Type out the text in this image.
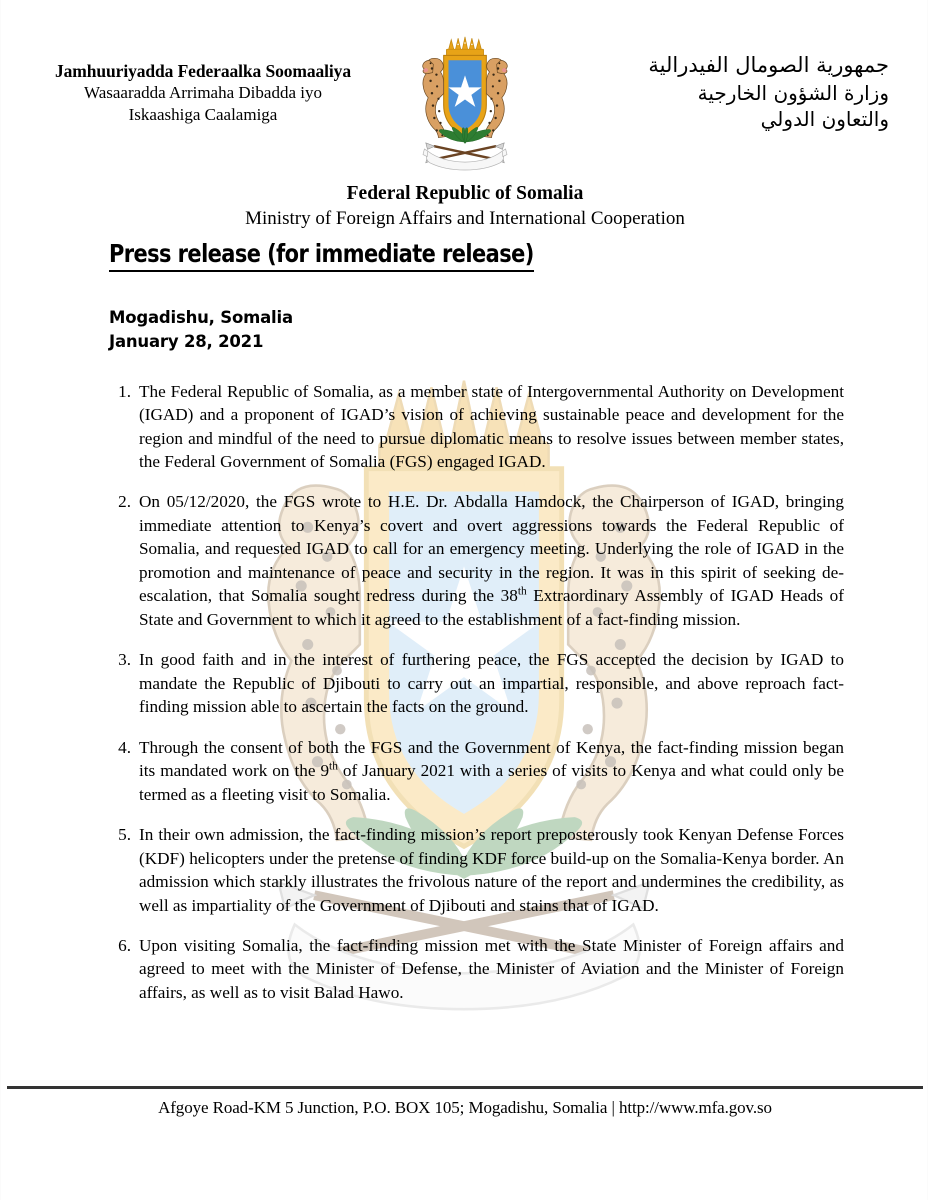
Jamhuuriyadda Federaalka Soomaaliya
Wasaaradda Arrimaha Dibadda iyo
Iskaashiga Caalamiga
جمهورية الصومال الفيدرالية
وزارة الشؤون الخارجية
والتعاون الدولي
Federal Republic of Somalia
Ministry of Foreign Affairs and International Cooperation
Press release (for immediate release)
Mogadishu, Somalia
January 28, 2021
1. The Federal Republic of Somalia, as a member state of Intergovernmental Authority on Development (IGAD) and a proponent of IGAD’s vision of achieving sustainable peace and development for the region and mindful of the need to pursue diplomatic means to resolve issues between member states, the Federal Government of Somalia (FGS) engaged IGAD.
2. On 05/12/2020, the FGS wrote to H.E. Dr. Abdalla Hamdock, the Chairperson of IGAD, bringing immediate attention to Kenya’s covert and overt aggressions towards the Federal Republic of Somalia, and requested IGAD to call for an emergency meeting. Underlying the role of IGAD in the promotion and maintenance of peace and security in the region. It was in this spirit of seeking de-escalation, that Somalia sought redress during the 38th Extraordinary Assembly of IGAD Heads of State and Government to which it agreed to the establishment of a fact-finding mission.
3. In good faith and in the interest of furthering peace, the FGS accepted the decision by IGAD to mandate the Republic of Djibouti to carry out an impartial, responsible, and above reproach fact-finding mission able to ascertain the facts on the ground.
4. Through the consent of both the FGS and the Government of Kenya, the fact-finding mission began its mandated work on the 9th of January 2021 with a series of visits to Kenya and what could only be termed as a fleeting visit to Somalia.
5. In their own admission, the fact-finding mission’s report preposterously took Kenyan Defense Forces (KDF) helicopters under the pretense of finding KDF force build-up on the Somalia-Kenya border. An admission which starkly illustrates the frivolous nature of the report and undermines the credibility, as well as impartiality of the Government of Djibouti and stains that of IGAD.
6. Upon visiting Somalia, the fact-finding mission met with the State Minister of Foreign affairs and agreed to meet with the Minister of Defense, the Minister of Aviation and the Minister of Foreign affairs, as well as to visit Balad Hawo.
Afgoye Road-KM 5 Junction, P.O. BOX 105; Mogadishu, Somalia | http://www.mfa.gov.so
